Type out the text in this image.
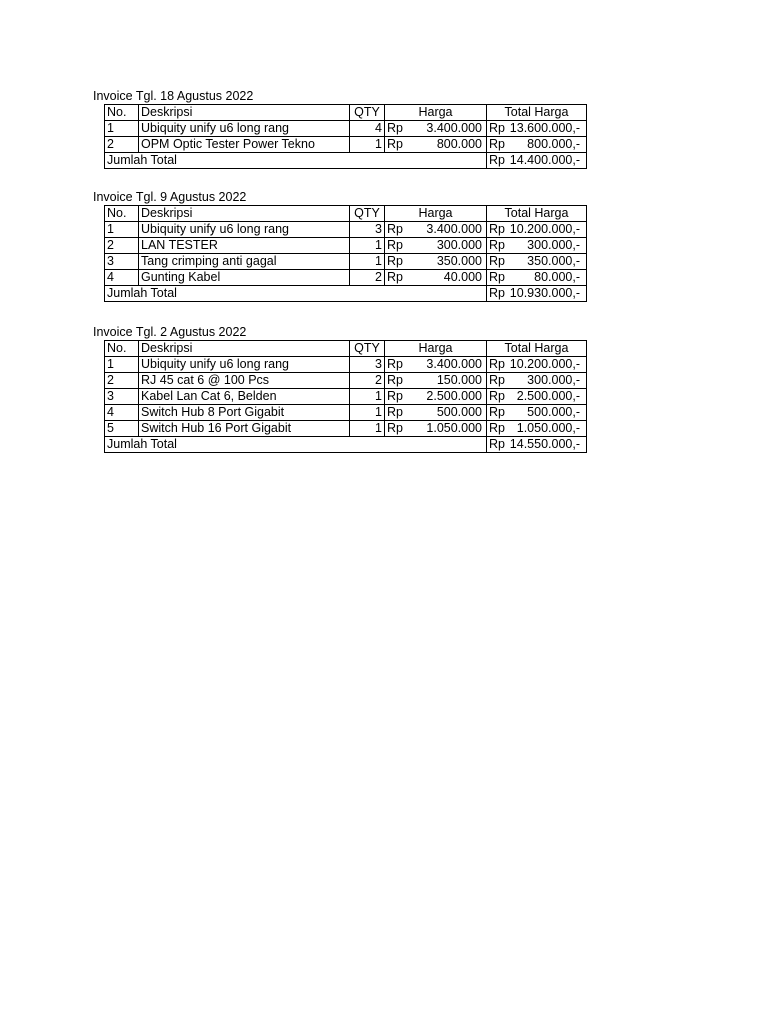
Invoice Tgl. 18 Agustus 2022
No.	Deskripsi	QTY	Harga	Total Harga
1	Ubiquity unify u6 long rang	4	Rp 3.400.000	Rp 13.600.000,-

2	OPM Optic Tester Power Tekno	1	Rp 800.000	Rp 800.000,-

Jumlah Total				Rp 14.400.000,-
Invoice Tgl. 9 Agustus 2022
No.	Deskripsi	QTY	Harga	Total Harga
1	Ubiquity unify u6 long rang	3	Rp 3.400.000	Rp 10.200.000,-

2	LAN TESTER	1	Rp 300.000	Rp 300.000,-

3	Tang crimping anti gagal	1	Rp 350.000	Rp 350.000,-

4	Gunting Kabel	2	Rp 40.000	Rp 80.000,-

Jumlah Total				Rp 10.930.000,-
Invoice Tgl. 2 Agustus 2022
No.	Deskripsi	QTY	Harga	Total Harga
1	Ubiquity unify u6 long rang	3	Rp 3.400.000	Rp 10.200.000,-

2	RJ 45 cat 6 @ 100 Pcs	2	Rp 150.000	Rp 300.000,-

3	Kabel Lan Cat 6, Belden	1	Rp 2.500.000	Rp 2.500.000,-

4	Switch Hub 8 Port Gigabit	1	Rp 500.000	Rp 500.000,-

5	Switch Hub 16 Port Gigabit	1	Rp 1.050.000	Rp 1.050.000,-

Jumlah Total				Rp 14.550.000,-
